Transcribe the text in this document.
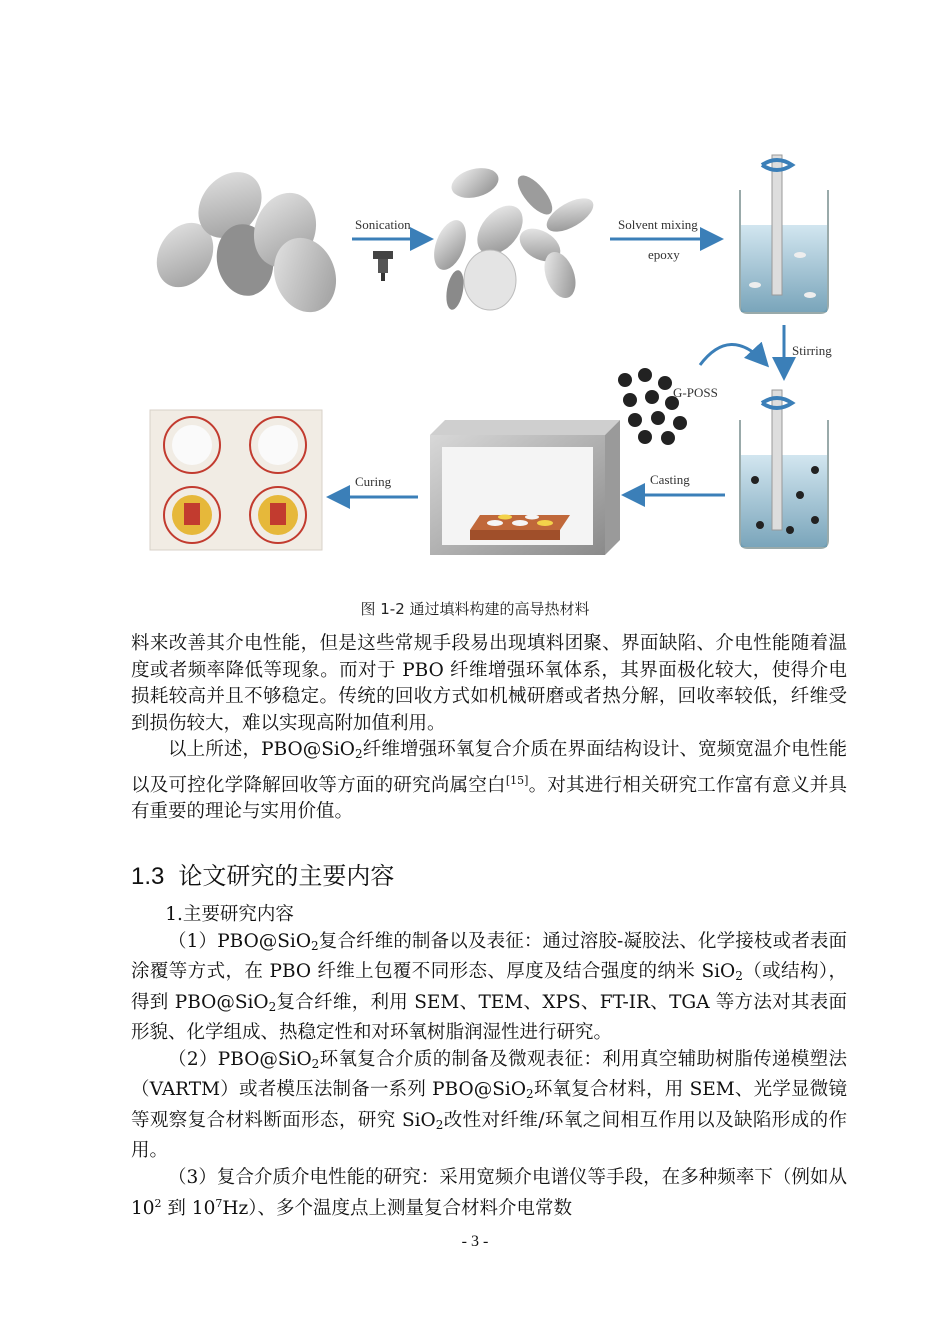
Sonication	Solvent mixing
epoxy
Stirring
G-POSS
Casting
Curing
图 1-2 通过填料构建的高导热材料

料来改善其介电性能，但是这些常规手段易出现填料团聚、界面缺陷、介电性能随着温度或者频率降低等现象。而对于 PBO 纤维增强环氧体系，其界面极化较大，使得介电损耗较高并且不够稳定。传统的回收方式如机械研磨或者热分解，回收率较低，纤维受到损伤较大，难以实现高附加值利用。

以上所述，PBO@SiO$_2$纤维增强环氧复合介质在界面结构设计、宽频宽温介电性能以及可控化学降解回收等方面的研究尚属空白[15]。对其进行相关研究工作富有意义并具有重要的理论与实用价值。

1.3 论文研究的主要内容

1.主要研究内容

（1）PBO@SiO$_2$复合纤维的制备以及表征：通过溶胶-凝胶法、化学接枝或者表面涂覆等方式，在 PBO 纤维上包覆不同形态、厚度及结合强度的纳米 SiO$_2$（或结构），得到 PBO@SiO$_2$复合纤维，利用 SEM、TEM、XPS、FT-IR、TGA 等方法对其表面形貌、化学组成、热稳定性和对环氧树脂润湿性进行研究。

（2）PBO@SiO$_2$环氧复合介质的制备及微观表征：利用真空辅助树脂传递模塑法（VARTM）或者模压法制备一系列 PBO@SiO$_2$环氧复合材料，用 SEM、光学显微镜等观察复合材料断面形态，研究 SiO$_2$改性对纤维/环氧之间相互作用以及缺陷形成的作用。

（3）复合介质介电性能的研究：采用宽频介电谱仪等手段，在多种频率下（例如从 $10^2$ 到 $10^7Hz$）、多个温度点上测量复合材料介电常数

- 3 -
